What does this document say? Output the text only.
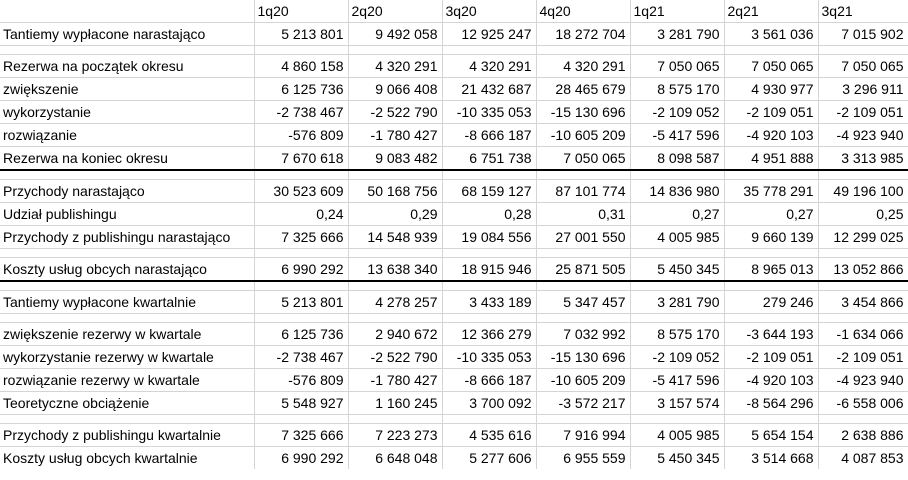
	1q20	2q20	3q20	4q20	1q21	2q21	3q21
Tantiemy wypłacone narastająco	5 213 801	9 492 058	12 925 247	18 272 704	3 281 790	3 561 036	7 015 902

Rezerwa na początek okresu	4 860 158	4 320 291	4 320 291	4 320 291	7 050 065	7 050 065	7 050 065
zwiększenie	6 125 736	9 066 408	21 432 687	28 465 679	8 575 170	4 930 977	3 296 911
wykorzystanie	-2 738 467	-2 522 790	-10 335 053	-15 130 696	-2 109 052	-2 109 051	-2 109 051
rozwiązanie	-576 809	-1 780 427	-8 666 187	-10 605 209	-5 417 596	-4 920 103	-4 923 940
Rezerwa na koniec okresu	7 670 618	9 083 482	6 751 738	7 050 065	8 098 587	4 951 888	3 313 985

Przychody narastająco	30 523 609	50 168 756	68 159 127	87 101 774	14 836 980	35 778 291	49 196 100
Udział publishingu	0,24	0,29	0,28	0,31	0,27	0,27	0,25
Przychody z publishingu narastająco	7 325 666	14 548 939	19 084 556	27 001 550	4 005 985	9 660 139	12 299 025

Koszty usług obcych narastająco	6 990 292	13 638 340	18 915 946	25 871 505	5 450 345	8 965 013	13 052 866

Tantiemy wypłacone kwartalnie	5 213 801	4 278 257	3 433 189	5 347 457	3 281 790	279 246	3 454 866

zwiększenie rezerwy w kwartale	6 125 736	2 940 672	12 366 279	7 032 992	8 575 170	-3 644 193	-1 634 066
wykorzystanie rezerwy w kwartale	-2 738 467	-2 522 790	-10 335 053	-15 130 696	-2 109 052	-2 109 051	-2 109 051
rozwiązanie rezerwy w kwartale	-576 809	-1 780 427	-8 666 187	-10 605 209	-5 417 596	-4 920 103	-4 923 940
Teoretyczne obciążenie	5 548 927	1 160 245	3 700 092	-3 572 217	3 157 574	-8 564 296	-6 558 006

Przychody z publishingu kwartalnie	7 325 666	7 223 273	4 535 616	7 916 994	4 005 985	5 654 154	2 638 886
Koszty usług obcych kwartalnie	6 990 292	6 648 048	5 277 606	6 955 559	5 450 345	3 514 668	4 087 853
